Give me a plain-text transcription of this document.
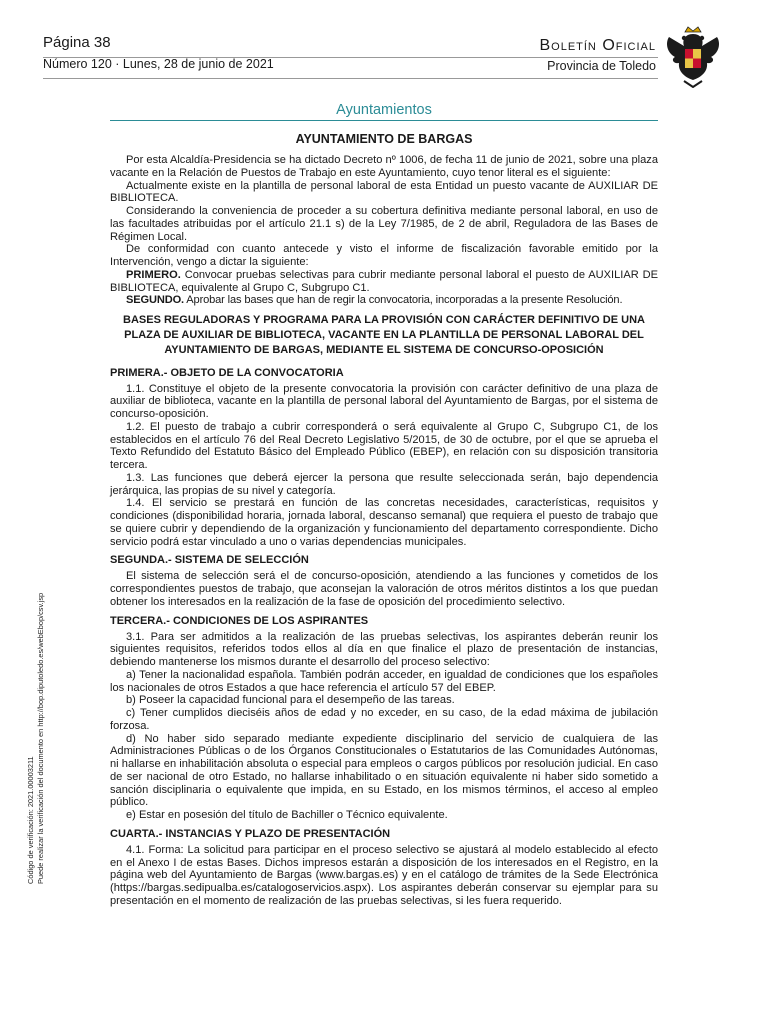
Página 38
Número 120 · Lunes, 28 de junio de 2021
Boletín Oficial
Provincia de Toledo
Código de verificación: 2021.00003211 Puede realizar la verificación del documento en http://bop.diputoledo.es/webEbop/csv.jsp
Ayuntamientos
AYUNTAMIENTO DE BARGAS

Por esta Alcaldía-Presidencia se ha dictado Decreto nº 1006, de fecha 11 de junio de 2021, sobre una plaza vacante en la Relación de Puestos de Trabajo en este Ayuntamiento, cuyo tenor literal es el siguiente:

Actualmente existe en la plantilla de personal laboral de esta Entidad un puesto vacante de AUXILIAR DE BIBLIOTECA.

Considerando la conveniencia de proceder a su cobertura definitiva mediante personal laboral, en uso de las facultades atribuidas por el artículo 21.1 s) de la Ley 7/1985, de 2 de abril, Reguladora de las Bases de Régimen Local.

De conformidad con cuanto antecede y visto el informe de fiscalización favorable emitido por la Intervención, vengo a dictar la siguiente:

PRIMERO. Convocar pruebas selectivas para cubrir mediante personal laboral el puesto de AUXILIAR DE BIBLIOTECA, equivalente al Grupo C, Subgrupo C1.

SEGUNDO. Aprobar las bases que han de regir la convocatoria, incorporadas a la presente Resolución.

BASES REGULADORAS Y PROGRAMA PARA LA PROVISIÓN CON CARÁCTER DEFINITIVO DE UNA PLAZA DE AUXILIAR DE BIBLIOTECA, VACANTE EN LA PLANTILLA DE PERSONAL LABORAL DEL AYUNTAMIENTO DE BARGAS, MEDIANTE EL SISTEMA DE CONCURSO-OPOSICIÓN
PRIMERA.- OBJETO DE LA CONVOCATORIA

1.1. Constituye el objeto de la presente convocatoria la provisión con carácter definitivo de una plaza de auxiliar de biblioteca, vacante en la plantilla de personal laboral del Ayuntamiento de Bargas, por el sistema de concurso-oposición.

1.2. El puesto de trabajo a cubrir corresponderá o será equivalente al Grupo C, Subgrupo C1, de los establecidos en el artículo 76 del Real Decreto Legislativo 5/2015, de 30 de octubre, por el que se aprueba el Texto Refundido del Estatuto Básico del Empleado Público (EBEP), en relación con su disposición transitoria tercera.

1.3. Las funciones que deberá ejercer la persona que resulte seleccionada serán, bajo dependencia jerárquica, las propias de su nivel y categoría.

1.4. El servicio se prestará en función de las concretas necesidades, características, requisitos y condiciones (disponibilidad horaria, jornada laboral, descanso semanal) que requiera el puesto de trabajo que se quiere cubrir y dependiendo de la organización y funcionamiento del departamento correspondiente. Dicho servicio podrá estar vinculado a uno o varias dependencias municipales.

SEGUNDA.- SISTEMA DE SELECCIÓN

El sistema de selección será el de concurso-oposición, atendiendo a las funciones y cometidos de los correspondientes puestos de trabajo, que aconsejan la valoración de otros méritos distintos a los que puedan obtener los interesados en la realización de la fase de oposición del procedimiento selectivo.

TERCERA.- CONDICIONES DE LOS ASPIRANTES

3.1. Para ser admitidos a la realización de las pruebas selectivas, los aspirantes deberán reunir los siguientes requisitos, referidos todos ellos al día en que finalice el plazo de presentación de instancias, debiendo mantenerse los mismos durante el desarrollo del proceso selectivo:

a) Tener la nacionalidad española. También podrán acceder, en igualdad de condiciones que los españoles los nacionales de otros Estados a que hace referencia el artículo 57 del EBEP.

b) Poseer la capacidad funcional para el desempeño de las tareas.

c) Tener cumplidos dieciséis años de edad y no exceder, en su caso, de la edad máxima de jubilación forzosa.

d) No haber sido separado mediante expediente disciplinario del servicio de cualquiera de las Administraciones Públicas o de los Órganos Constitucionales o Estatutarios de las Comunidades Autónomas, ni hallarse en inhabilitación absoluta o especial para empleos o cargos públicos por resolución judicial. En caso de ser nacional de otro Estado, no hallarse inhabilitado o en situación equivalente ni haber sido sometido a sanción disciplinaria o equivalente que impida, en su Estado, en los mismos términos, el acceso al empleo público.

e) Estar en posesión del título de Bachiller o Técnico equivalente.

CUARTA.- INSTANCIAS Y PLAZO DE PRESENTACIÓN

4.1. Forma: La solicitud para participar en el proceso selectivo se ajustará al modelo establecido al efecto en el Anexo I de estas Bases. Dichos impresos estarán a disposición de los interesados en el Registro, en la página web del Ayuntamiento de Bargas (www.bargas.es) y en el catálogo de trámites de la Sede Electrónica (https://bargas.sedipualba.es/catalogoservicios.aspx). Los aspirantes deberán conservar su ejemplar para su presentación en el momento de realización de las pruebas selectivas, si les fuera requerido.
